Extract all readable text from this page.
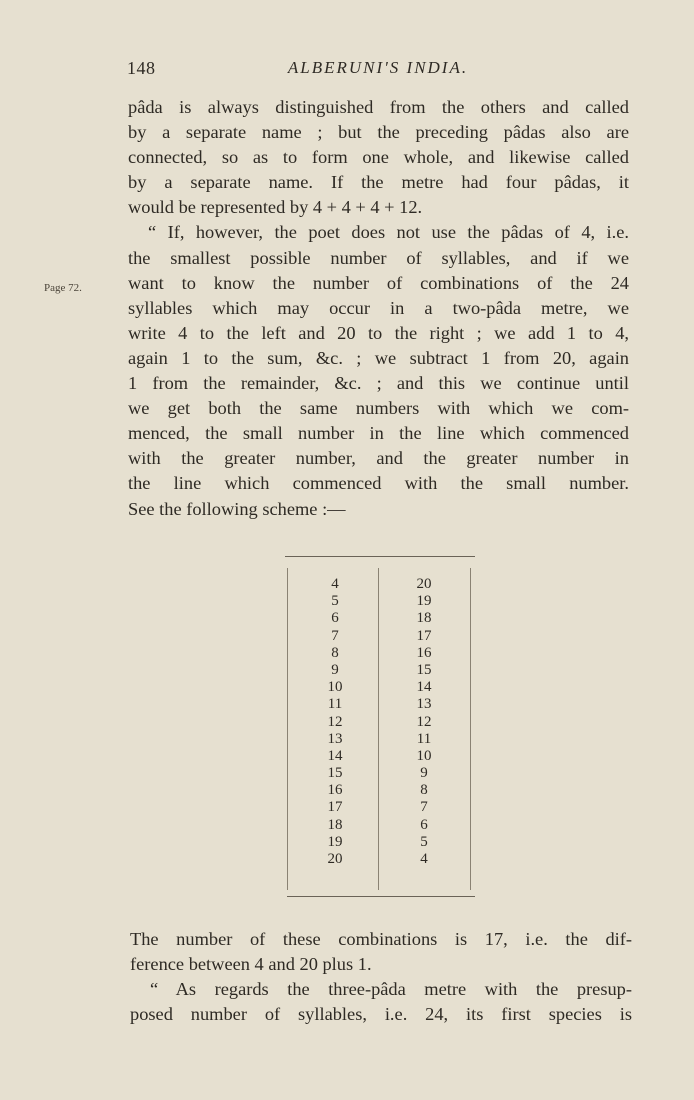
148	ALBERUNI'S INDIA.
Page 72.
pâda is always distinguished from the others and called
by a separate name ; but the preceding pâdas also are
connected, so as to form one whole, and likewise called
by a separate name. If the metre had four pâdas, it
would be represented by 4 + 4 + 4 + 12.
“ If, however, the poet does not use the pâdas of 4, i.e.
the smallest possible number of syllables, and if we
want to know the number of combinations of the 24
syllables which may occur in a two-pâda metre, we
write 4 to the left and 20 to the right ; we add 1 to 4,
again 1 to the sum, &c. ; we subtract 1 from 20, again
1 from the remainder, &c. ; and this we continue until
we get both the same numbers with which we com-
menced, the small number in the line which commenced
with the greater number, and the greater number in
the line which commenced with the small number.
See the following scheme :—
4
5
6
7
8
9
10
11
12
13
14
15
16
17
18
19
20
20
19
18
17
16
15
14
13
12
11
10
9
8
7
6
5
4
The number of these combinations is 17, i.e. the dif-
ference between 4 and 20 plus 1.
“ As regards the three-pâda metre with the presup-
posed number of syllables, i.e. 24, its first species is
